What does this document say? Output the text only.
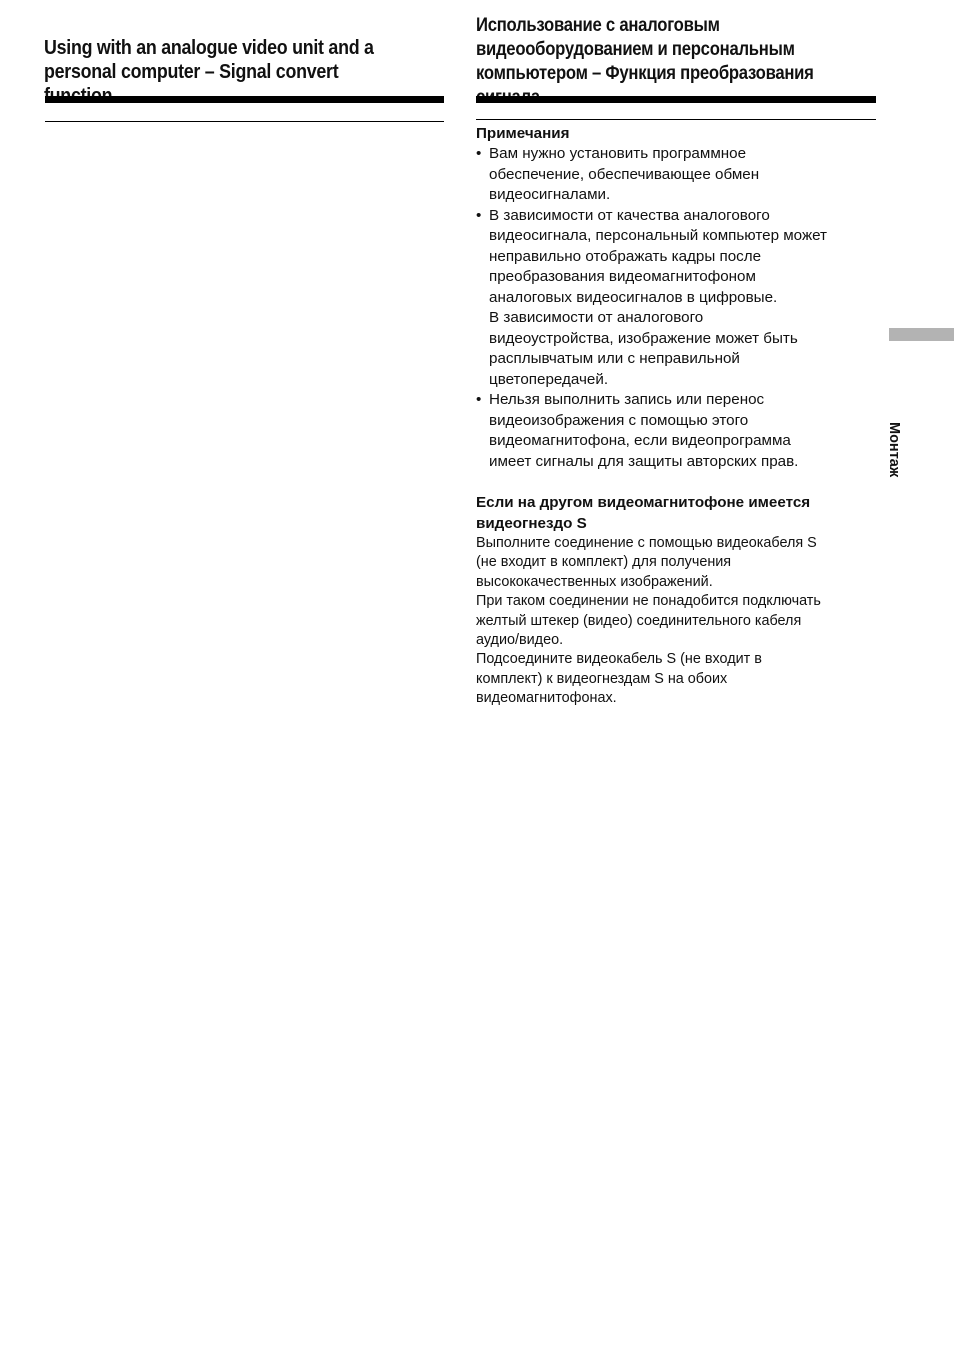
Using with an analogue video unit and a
personal computer – Signal convert
Использование с аналоговым
видеооборудованием и персональным
компьютером – Функция преобразования
Примечания
• Вам нужно установить программное
обеспечение, обеспечивающее обмен
видеосигналами.

• В зависимости от качества аналогового
видеосигнала, персональный компьютер может
неправильно отображать кадры после
преобразования видеомагнитофоном
аналоговых видеосигналов в цифровые.
В зависимости от аналогового
видеоустройства, изображение может быть
расплывчатым или с неправильной
цветопередачей.

• Нельзя выполнить запись или перенос
видеоизображения с помощью этого
видеомагнитофона, если видеопрограмма
имеет сигналы для защиты авторских прав.

Если на другом видеомагнитофоне имеется
видеогнездо S

Выполните соединение с помощью видеокабеля S
(не входит в комплект) для получения
высококачественных изображений.
При таком соединении не понадобится подключать
желтый штекер (видео) соединительного кабеля
аудио/видео.
Подсоедините видеокабель S (не входит в
комплект) к видеогнездам S на обоих
видеомагнитофонах.

Монтаж
